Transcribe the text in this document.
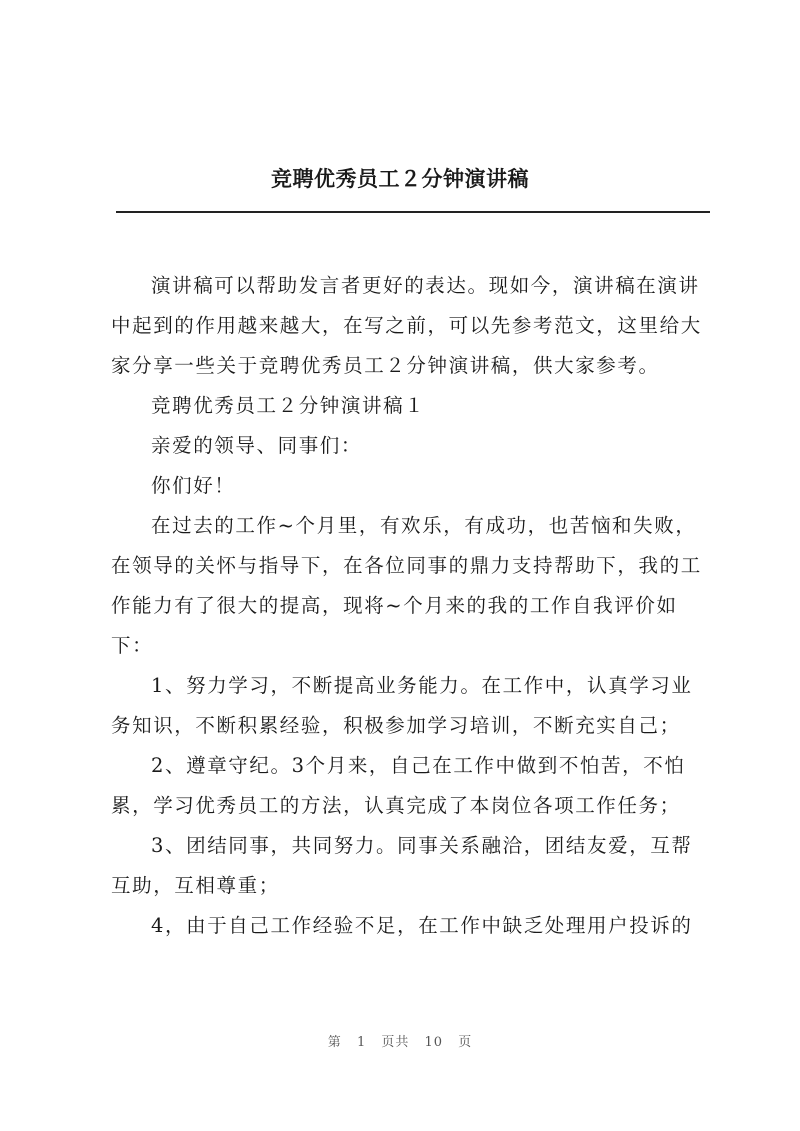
竞聘优秀员工２分钟演讲稿
演讲稿可以帮助发言者更好的表达。现如今，演讲稿在演讲
中起到的作用越来越大，在写之前，可以先参考范文，这里给大
家分享一些关于竞聘优秀员工２分钟演讲稿，供大家参考。
竞聘优秀员工２分钟演讲稿１
亲爱的领导、同事们：
你们好！
在过去的工作~个月里，有欢乐，有成功，也苦恼和失败，
在领导的关怀与指导下，在各位同事的鼎力支持帮助下，我的工
作能力有了很大的提高，现将~个月来的我的工作自我评价如
下：
1、努力学习，不断提高业务能力。在工作中，认真学习业
务知识，不断积累经验，积极参加学习培训，不断充实自己；
2、遵章守纪。3个月来，自己在工作中做到不怕苦，不怕
累，学习优秀员工的方法，认真完成了本岗位各项工作任务；
3、团结同事，共同努力。同事关系融洽，团结友爱，互帮
互助，互相尊重；
4，由于自己工作经验不足，在工作中缺乏处理用户投诉的
第 1 页共 10 页
